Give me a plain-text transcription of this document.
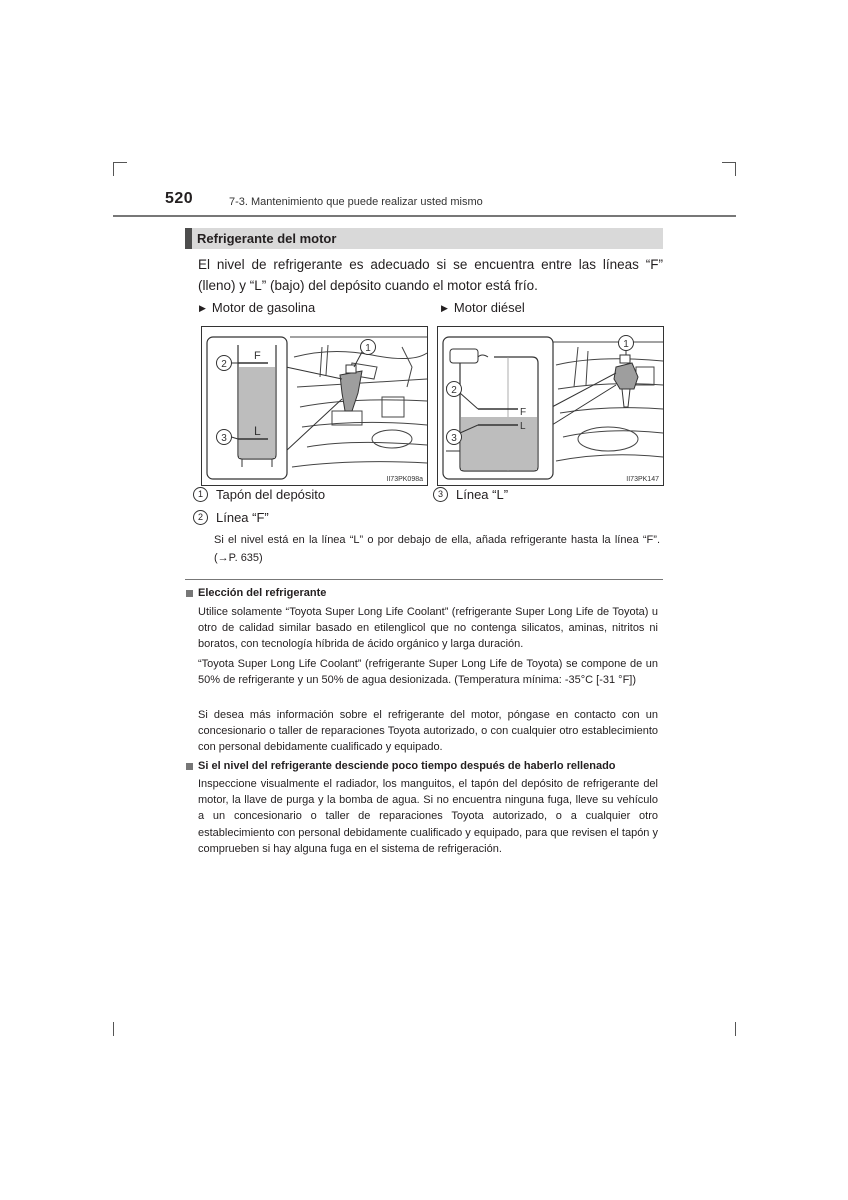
520	7-3. Mantenimiento que puede realizar usted mismo
Refrigerante del motor
El nivel de refrigerante es adecuado si se encuentra entre las líneas “F” (lleno) y “L” (bajo) del depósito cuando el motor está frío.
▶ Motor de gasolina	▶ Motor diésel
F
L
2
3
1
II73PK098a
F
L
2
3
1
II73PK147
1	Tapón del depósito
2	Línea “F”
3	Línea “L”
Si el nivel está en la línea “L” o por debajo de ella, añada refrigerante hasta la línea “F”. (→P. 635)
Elección del refrigerante
Utilice solamente “Toyota Super Long Life Coolant” (refrigerante Super Long Life de Toyota) u otro de calidad similar basado en etilenglicol que no contenga silicatos, aminas, nitritos ni boratos, con tecnología híbrida de ácido orgánico y larga duración.
“Toyota Super Long Life Coolant” (refrigerante Super Long Life de Toyota) se compone de un 50% de refrigerante y un 50% de agua desionizada. (Temperatura mínima: -35°C [-31 °F])
Si desea más información sobre el refrigerante del motor, póngase en contacto con un concesionario o taller de reparaciones Toyota autorizado, o con cualquier otro establecimiento con personal debidamente cualificado y equipado.
Si el nivel del refrigerante desciende poco tiempo después de haberlo rellenado
Inspeccione visualmente el radiador, los manguitos, el tapón del depósito de refrigerante del motor, la llave de purga y la bomba de agua. Si no encuentra ninguna fuga, lleve su vehículo a un concesionario o taller de reparaciones Toyota autorizado, o a cualquier otro establecimiento con personal debidamente cualificado y equipado, para que revisen el tapón y comprueben si hay alguna fuga en el sistema de refrigeración.
